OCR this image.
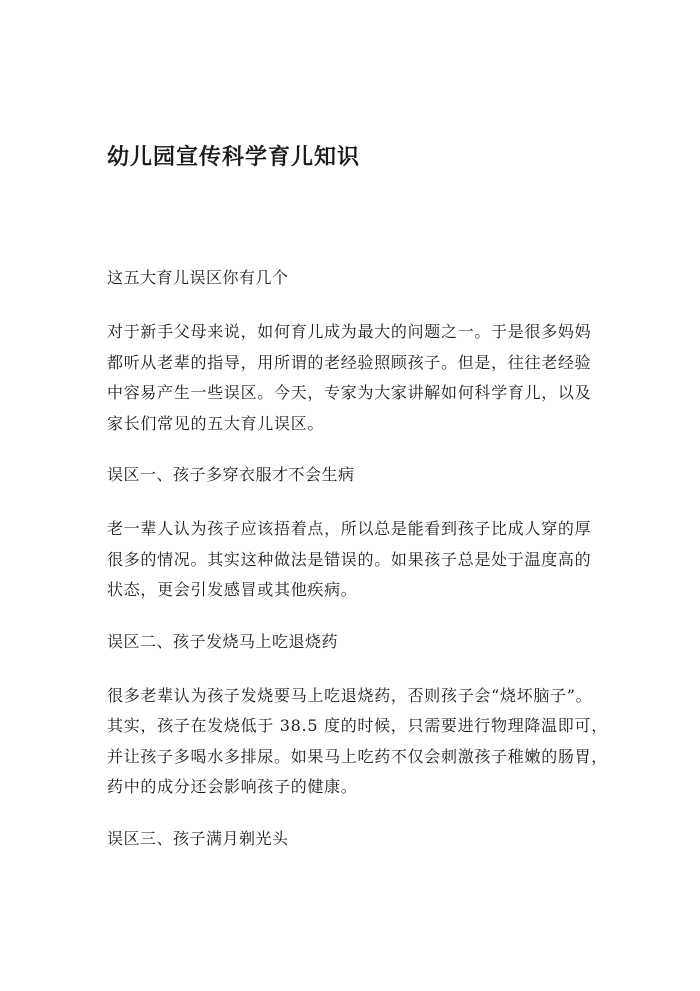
幼儿园宣传科学育儿知识

这五大育儿误区你有几个

对于新手父母来说，如何育儿成为最大的问题之一。于是很多妈妈
都听从老辈的指导，用所谓的老经验照顾孩子。但是，往往老经验
中容易产生一些误区。今天，专家为大家讲解如何科学育儿，以及
家长们常见的五大育儿误区。

误区一、孩子多穿衣服才不会生病

老一辈人认为孩子应该捂着点，所以总是能看到孩子比成人穿的厚
很多的情况。其实这种做法是错误的。如果孩子总是处于温度高的
状态，更会引发感冒或其他疾病。

误区二、孩子发烧马上吃退烧药

很多老辈认为孩子发烧要马上吃退烧药，否则孩子会“烧坏脑子”。
其实，孩子在发烧低于 38.5 度的时候，只需要进行物理降温即可，
并让孩子多喝水多排尿。如果马上吃药不仅会刺激孩子稚嫩的肠胃，
药中的成分还会影响孩子的健康。

误区三、孩子满月剃光头
